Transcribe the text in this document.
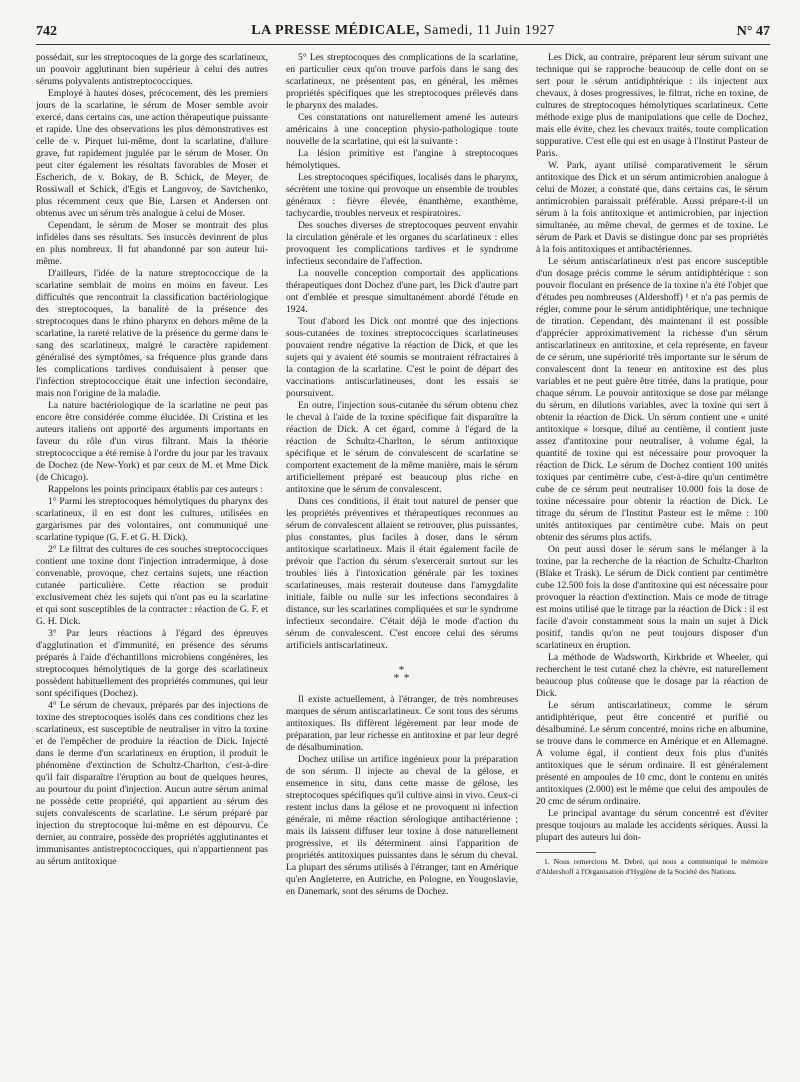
742	LA PRESSE MÉDICALE, Samedi, 11 Juin 1927	N° 47

possédait, sur les streptocoques de la gorge des scarlatineux, un pouvoir agglutinant bien supérieur à celui des autres sérums polyvalents antistreptococciques.

Employé à hautes doses, précocement, dès les premiers jours de la scarlatine, le sérum de Moser semble avoir exercé, dans certains cas, une action thérapeutique puissante et rapide. Une des observations les plus démonstratives est celle de v. Pirquet lui-même, dont la scarlatine, d'allure grave, fut rapidement jugulée par le sérum de Moser. On peut citer également les résultats favorables de Moser et Escherich, de v. Bokay, de B. Schick, de Meyer, de Rossiwall et Schick, d'Egis et Langovoy, de Savtchenko, plus récemment ceux que Bie, Larsen et Andersen ont obtenus avec un sérum très analogue à celui de Moser.

Cependant, le sérum de Moser se montrait des plus infidèles dans ses résultats. Ses insuccès devinrent de plus en plus nombreux. Il fut abandonné par son auteur lui-même.

D'ailleurs, l'idée de la nature streptococcique de la scarlatine semblait de moins en moins en faveur. Les difficultés que rencontrait la classification bactériologique des streptocoques, la banalité de la présence des streptocoques dans le rhino pharynx en dehors même de la scarlatine, la rareté relative de la présence du germe dans le sang des scarlatineux, malgré le caractère rapidement généralisé des symptômes, sa fréquence plus grande dans les complications tardives conduisaient à penser que l'infection streptococcique était une infection secondaire, mais non l'origine de la maladie.

La nature bactériologique de la scarlatine ne peut pas encore être considérée comme élucidée. Di Cristina et les auteurs italiens ont apporté des arguments importants en faveur du rôle d'un virus filtrant. Mais la théorie streptococcique a été remise à l'ordre du jour par les travaux de Dochez (de New-York) et par ceux de M. et Mme Dick (de Chicago).

Rappelons les points principaux établis par ces auteurs :

1° Parmi les streptocoques hémolytiques du pharynx des scarlatineux, il en est dont les cultures, utilisées en gargarismes par des volontaires, ont communiqué une scarlatine typique (G. F. et G. H. Dick).

2° Le filtrat des cultures de ces souches streptococciques contient une toxine dont l'injection intradermique, à dose convenable, provoque, chez certains sujets, une réaction cutanée particulière. Cette réaction se produit exclusivement chez les sujets qui n'ont pas eu la scarlatine et qui sont susceptibles de la contracter : réaction de G. F. et G. H. Dick.

3° Par leurs réactions à l'égard des épreuves d'agglutination et d'immunité, en présence des sérums préparés à l'aide d'échantillons microbiens congénères, les streptocoques hémolytiques de la gorge des scarlatineux possèdent habituellement des propriétés communes, qui leur sont spécifiques (Dochez).

4° Le sérum de chevaux, préparés par des injections de toxine des streptocoques isolés dans ces conditions chez les scarlatineux, est susceptible de neutraliser in vitro la toxine et de l'empêcher de produire la réaction de Dick. Injecté dans le derme d'un scarlatineux en éruption, il produit le phénomène d'extinction de Schultz-Charlton, c'est-à-dire qu'il fait disparaître l'éruption au bout de quelques heures, au pourtour du point d'injection. Aucun autre sérum animal ne possède cette propriété, qui appartient au sérum des sujets convalescents de scarlatine. Le sérum préparé par injection du streptocoque lui-même en est dépourvu. Ce dernier, au contraire, possède des propriétés agglutinantes et immunisantes antistreptococciques, qui n'appartiennent pas au sérum antitoxique

5° Les streptocoques des complications de la scarlatine, en particulier ceux qu'on trouve parfois dans le sang des scarlatineux, ne présentent pas, en général, les mêmes propriétés spécifiques que les streptocoques prélevés dans le pharynx des malades.

Ces constatations ont naturellement amené les auteurs américains à une conception physio-pathologique toute nouvelle de la scarlatine, qui est la suivante :

La lésion primitive est l'angine à streptocoques hémolytiques.

Les streptocoques spécifiques, localisés dans le pharynx, sécrètent une toxine qui provoque un ensemble de troubles généraux : fièvre élevée, énanthème, exanthème, tachycardie, troubles nerveux et respiratoires.

Des souches diverses de streptocoques peuvent envahir la circulation générale et les organes du scarlatineux : elles provoquent les complications tardives et le syndrome infectieux secondaire de l'affection.

La nouvelle conception comportait des applications thérapeutiques dont Dochez d'une part, les Dick d'autre part ont d'emblée et presque simultanément abordé l'étude en 1924.

Tout d'abord les Dick ont montré que des injections sous-cutanées de toxines streptococciques scarlatineuses pouvaient rendre négative la réaction de Dick, et que les sujets qui y avaient été soumis se montraient réfractaires à la contagion de la scarlatine. C'est le point de départ des vaccinations antiscarlatineuses, dont les essais se poursuivent.

En outre, l'injection sous-cutanée du sérum obtenu chez le cheval à l'aide de la toxine spécifique fait disparaître la réaction de Dick. A cet égard, comme à l'égard de la réaction de Schultz-Charlton, le sérum antitoxique spécifique et le sérum de convalescent de scarlatine se comportent exactement de la même manière, mais le sérum artificiellement préparé est beaucoup plus riche en antitoxine que le sérum de convalescent.

Dans ces conditions, il était tout naturel de penser que les propriétés préventives et thérapeutiques reconnues au sérum de convalescent allaient se retrouver, plus puissantes, plus constantes, plus faciles à doser, dans le sérum antitoxique scarlatineux. Mais il était également facile de prévoir que l'action du sérum s'exercerait surtout sur les troubles liés à l'intoxication générale par les toxines scarlatineuses, mais resterait douteuse dans l'amygdalite initiale, faible ou nulle sur les infections secondaires à distance, sur les scarlatines compliquées et sur le syndrome infectieux secondaire. C'était déjà le mode d'action du sérum de convalescent. C'est encore celui des sérums artificiels antiscarlatineux.

*
* *

Il existe actuellement, à l'étranger, de très nombreuses marques de sérum antiscarlatineux. Ce sont tous des sérums antitoxiques. Ils diffèrent légèrement par leur mode de préparation, par leur richesse en antitoxine et par leur degré de désalbumination.

Dochez utilise un artifice ingénieux pour la préparation de son sérum. Il injecte au cheval de la gélose, et ensemence in situ, dans cette masse de gélose, les streptocoques spécifiques qu'il cultive ainsi in vivo. Ceux-ci restent inclus dans la gélose et ne provoquent ni infection générale, ni même réaction sérologique antibactérienne ; mais ils laissent diffuser leur toxine à dose naturellement progressive, et ils déterminent ainsi l'apparition de propriétés antitoxiques puissantes dans le sérum du cheval. La plupart des sérums utilisés à l'étranger, tant en Amérique qu'en Angleterre, en Autriche, en Pologne, en Yougoslavie, en Danemark, sont des sérums de Dochez.

Les Dick, au contraire, préparent leur sérum suivant une technique qui se rapproche beaucoup de celle dont on se sert pour le sérum antidiphtérique : ils injectent aux chevaux, à doses progressives, le filtrat, riche en toxine, de cultures de streptocoques hémolytiques scarlatineux. Cette méthode exige plus de manipulations que celle de Dochez, mais elle évite, chez les chevaux traités, toute complication suppurative. C'est elle qui est en usage à l'Institut Pasteur de Paris.

W. Park, ayant utilisé comparativement le sérum antitoxique des Dick et un sérum antimicrobien analogue à celui de Mozer, a constaté que, dans certains cas, le sérum antimicrobien paraissait préférable. Aussi prépare-t-il un sérum à la fois antitoxique et antimicrobien, par injection simultanée, au même cheval, de germes et de toxine. Le sérum de Park et Davis se distingue donc par ses propriétés à la fois antitoxiques et antibactériennes.

Le sérum antiscarlatineux n'est pas encore susceptible d'un dosage précis comme le sérum antidiphtérique : son pouvoir floculant en présence de la toxine n'a été l'objet que d'études peu nombreuses (Aldershoff) ¹ et n'a pas permis de régler, comme pour le sérum antidiphtérique, une technique de titration. Cependant, dès maintenant il est possible d'apprécier approximativement la richesse d'un sérum antiscarlatineux en antitoxine, et cela représente, en faveur de ce sérum, une supériorité très importante sur le sérum de convalescent dont la teneur en antitoxine est des plus variables et ne peut guère être titrée, dans la pratique, pour chaque sérum. Le pouvoir antitoxique se dose par mélange du sérum, en dilutions variables, avec la toxine qui sert à obtenir la réaction de Dick. Un sérum contient une « unité antitoxique » lorsque, dilué au centième, il contient juste assez d'antitoxine pour neutraliser, à volume égal, la quantité de toxine qui est nécessaire pour provoquer la réaction de Dick. Le sérum de Dochez contient 100 unités toxiques par centimètre cube, c'est-à-dire qu'un centimètre cube de ce sérum peut neutraliser 10.000 fois la dose de toxine nécessaire pour obtenir la réaction de Dick. Le titrage du sérum de l'Institut Pasteur est le même : 100 unités antitoxiques par centimètre cube. Mais on peut obtenir des sérums plus actifs.

On peut aussi doser le sérum sans le mélanger à la toxine, par la recherche de la réaction de Schultz-Charlton (Blake et Trask). Le sérum de Dick contient par centimètre cube 12.500 fois la dose d'antitoxine qui est nécessaire pour provoquer la réaction d'extinction. Mais ce mode de titrage est moins utilisé que le titrage par la réaction de Dick : il est facile d'avoir constamment sous la main un sujet à Dick positif, tandis qu'on ne peut toujours disposer d'un scarlatineux en éruption.

La méthode de Wadsworth, Kirkbride et Wheeler, qui recherchent le test cutané chez la chèvre, est naturellement beaucoup plus coûteuse que le dosage par la réaction de Dick.

Le sérum antiscarlatineux, comme le sérum antidiphtérique, peut être concentré et purifié ou désalbuminé. Le sérum concentré, moins riche en albumine, se trouve dans le commerce en Amérique et en Allemagne. A volume égal, il contient deux fois plus d'unités antitoxiques que le sérum ordinaire. Il est généralement présenté en ampoules de 10 cmc, dont le contenu en unités antitoxiques (2.000) est le même que celui des ampoules de 20 cmc de sérum ordinaire.

Le principal avantage du sérum concentré est d'éviter presque toujours au malade les accidents sériques. Aussi la plupart des auteurs lui don-

1. Nous remercions M. Debré, qui nous a communiqué le mémoire d'Aldershoff à l'Organisation d'Hygiène de la Société des Nations.
